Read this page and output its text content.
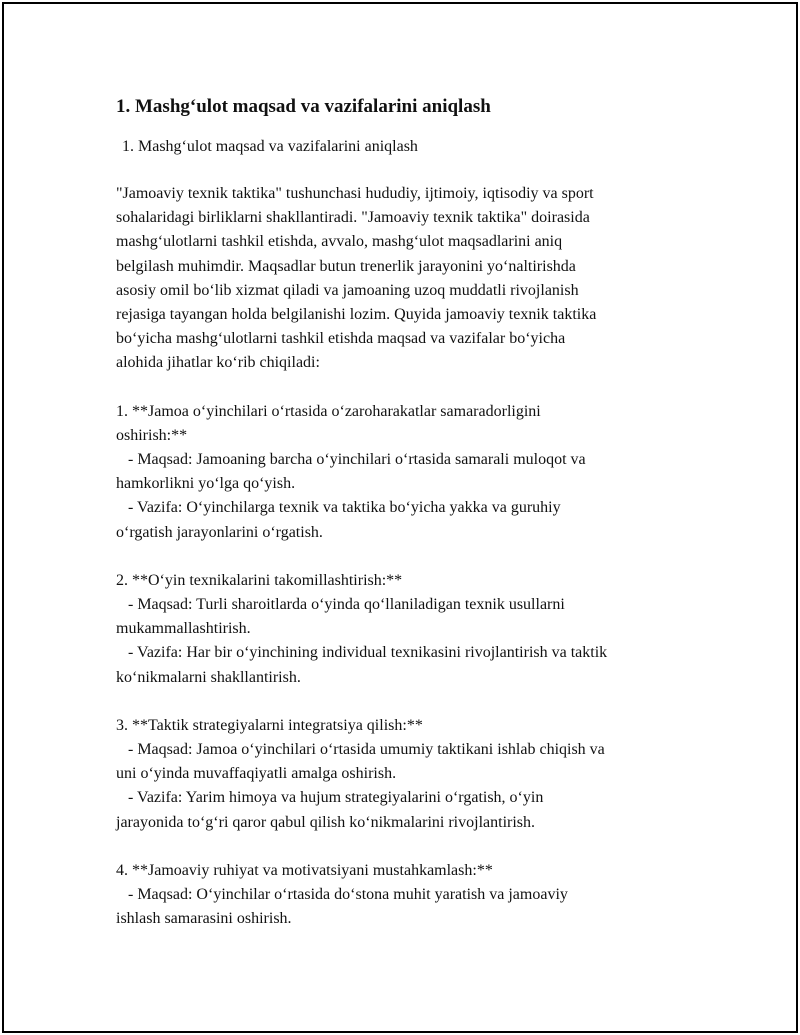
1. Mashg‘ulot maqsad va vazifalarini aniqlash
1. Mashg‘ulot maqsad va vazifalarini aniqlash
"Jamoaviy texnik taktika" tushunchasi hududiy, ijtimoiy, iqtisodiy va sport
sohalaridagi birliklarni shakllantiradi. "Jamoaviy texnik taktika" doirasida
mashg‘ulotlarni tashkil etishda, avvalo, mashg‘ulot maqsadlarini aniq
belgilash muhimdir. Maqsadlar butun trenerlik jarayonini yo‘naltirishda
asosiy omil bo‘lib xizmat qiladi va jamoaning uzoq muddatli rivojlanish
rejasiga tayangan holda belgilanishi lozim. Quyida jamoaviy texnik taktika
bo‘yicha mashg‘ulotlarni tashkil etishda maqsad va vazifalar bo‘yicha
alohida jihatlar ko‘rib chiqiladi:
1. **Jamoa o‘yinchilari o‘rtasida o‘zaroharakatlar samaradorligini
oshirish:**
- Maqsad: Jamoaning barcha o‘yinchilari o‘rtasida samarali muloqot va
hamkorlikni yo‘lga qo‘yish.
- Vazifa: O‘yinchilarga texnik va taktika bo‘yicha yakka va guruhiy
o‘rgatish jarayonlarini o‘rgatish.
2. **O‘yin texnikalarini takomillashtirish:**
- Maqsad: Turli sharoitlarda o‘yinda qo‘llaniladigan texnik usullarni
mukammallashtirish.
- Vazifa: Har bir o‘yinchining individual texnikasini rivojlantirish va taktik
ko‘nikmalarni shakllantirish.
3. **Taktik strategiyalarni integratsiya qilish:**
- Maqsad: Jamoa o‘yinchilari o‘rtasida umumiy taktikani ishlab chiqish va
uni o‘yinda muvaffaqiyatli amalga oshirish.
- Vazifa: Yarim himoya va hujum strategiyalarini o‘rgatish, o‘yin
jarayonida to‘g‘ri qaror qabul qilish ko‘nikmalarini rivojlantirish.
4. **Jamoaviy ruhiyat va motivatsiyani mustahkamlash:**
- Maqsad: O‘yinchilar o‘rtasida do‘stona muhit yaratish va jamoaviy
ishlash samarasini oshirish.
